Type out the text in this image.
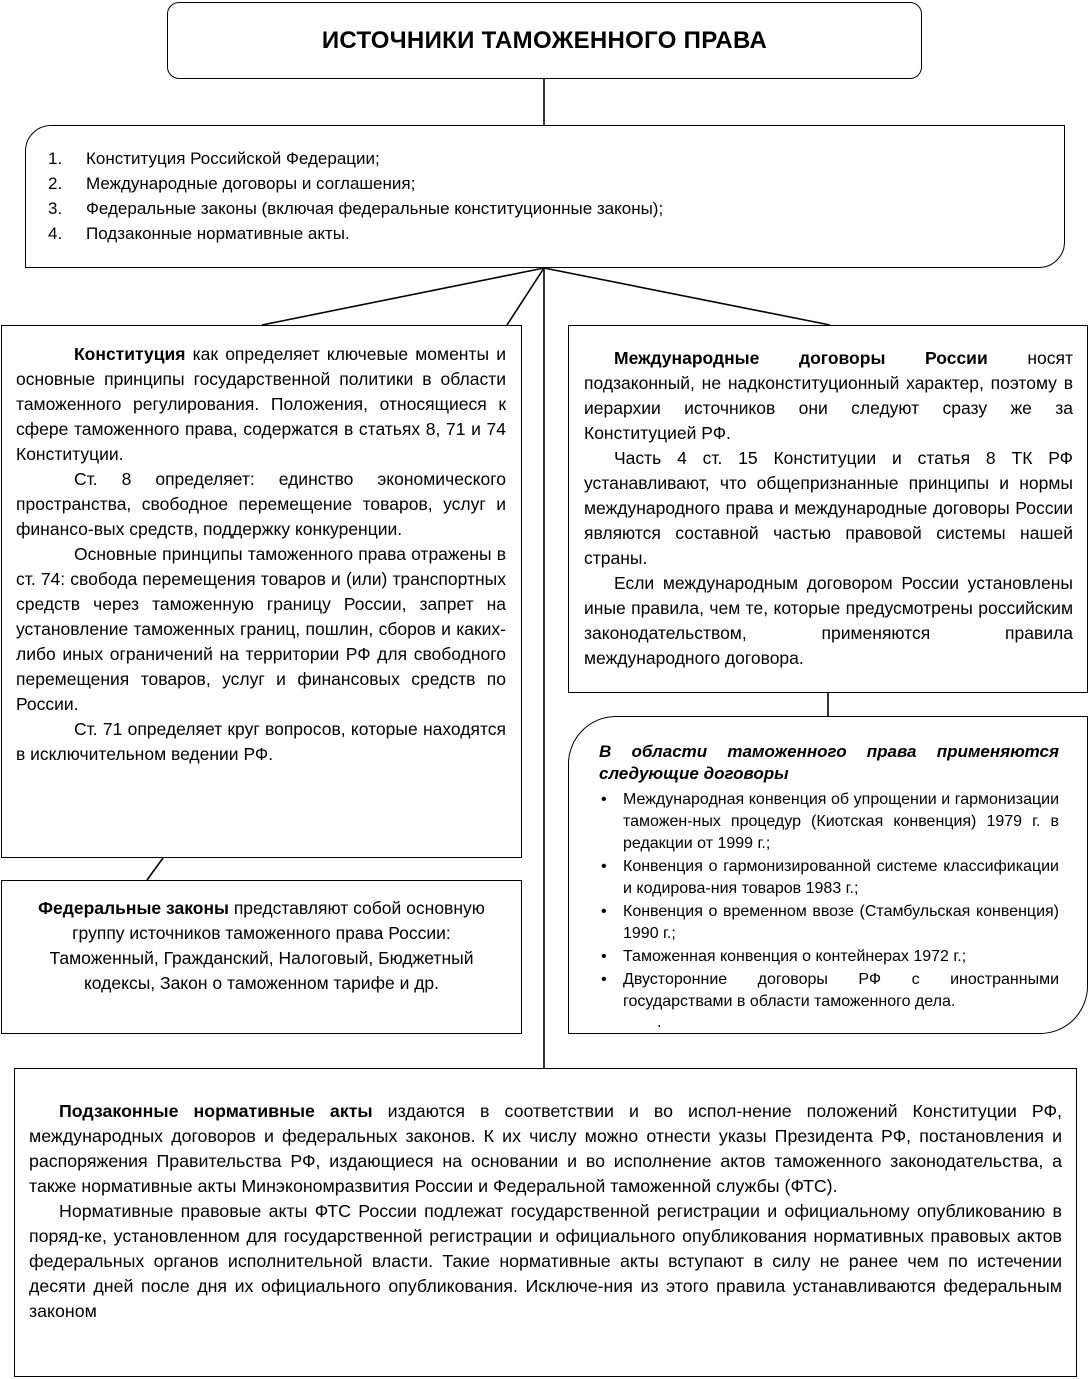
ИСТОЧНИКИ ТАМОЖЕННОГО ПРАВА
1.	Конституция Российской Федерации;
2.	Международные договоры и соглашения;
3.	Федеральные законы (включая федеральные конституционные законы);
4.	Подзаконные нормативные акты.

Конституция как определяет ключевые моменты и основные принципы государственной политики в области таможенного регулирования. Положения, относящиеся к сфере таможенного права, содержатся в статьях 8, 71 и 74 Конституции.

Ст. 8 определяет: единство экономического пространства, свободное перемещение товаров, услуг и финансо-вых средств, поддержку конкуренции.

Основные принципы таможенного права отражены в ст. 74: свобода перемещения товаров и (или) транспортных средств через таможенную границу России, запрет на установление таможенных границ, пошлин, сборов и каких-либо иных ограничений на территории РФ для свободного перемещения товаров, услуг и финансовых средств по России.

Ст. 71 определяет круг вопросов, которые находятся в исключительном ведении РФ.

Международные договоры России носят подзаконный, не надконституционный характер, поэтому в иерархии источников они следуют сразу же за Конституцией РФ.

Часть 4 ст. 15 Конституции и статья 8 ТК РФ устанавливают, что общепризнанные принципы и нормы международного права и международные договоры России являются составной частью правовой системы нашей страны.

Если международным договором России установлены иные правила, чем те, которые предусмотрены российским законодательством, применяются правила международного договора.

В области таможенного права применяются следующие договоры
• Международная конвенция об упрощении и гармонизации таможен-ных процедур (Киотская конвенция) 1979 г. в редакции от 1999 г.;
• Конвенция о гармонизированной системе классификации и кодирова-ния товаров 1983 г.;
• Конвенция о временном ввозе (Стамбульская конвенция) 1990 г.;
• Таможенная конвенция о контейнерах 1972 г.;
• Двусторонние договоры РФ с иностранными государствами в области таможенного дела.
.

Федеральные законы представляют собой основную группу источников таможенного права России: Таможенный, Гражданский, Налоговый, Бюджетный кодексы, Закон о таможенном тарифе и др.

Подзаконные нормативные акты издаются в соответствии и во испол-нение положений Конституции РФ, международных договоров и федеральных законов. К их числу можно отнести указы Президента РФ, постановления и распоряжения Правительства РФ, издающиеся на основании и во исполнение актов таможенного законодательства, а также нормативные акты Минэкономразвития России и Федеральной таможенной службы (ФТС).

Нормативные правовые акты ФТС России подлежат государственной регистрации и официальному опубликованию в поряд-ке, установленном для государственной регистрации и официального опубликования нормативных правовых актов федеральных органов исполнительной власти. Такие нормативные акты вступают в силу не ранее чем по истечении десяти дней после дня их официального опубликования. Исключе-ния из этого правила устанавливаются федеральным законом
